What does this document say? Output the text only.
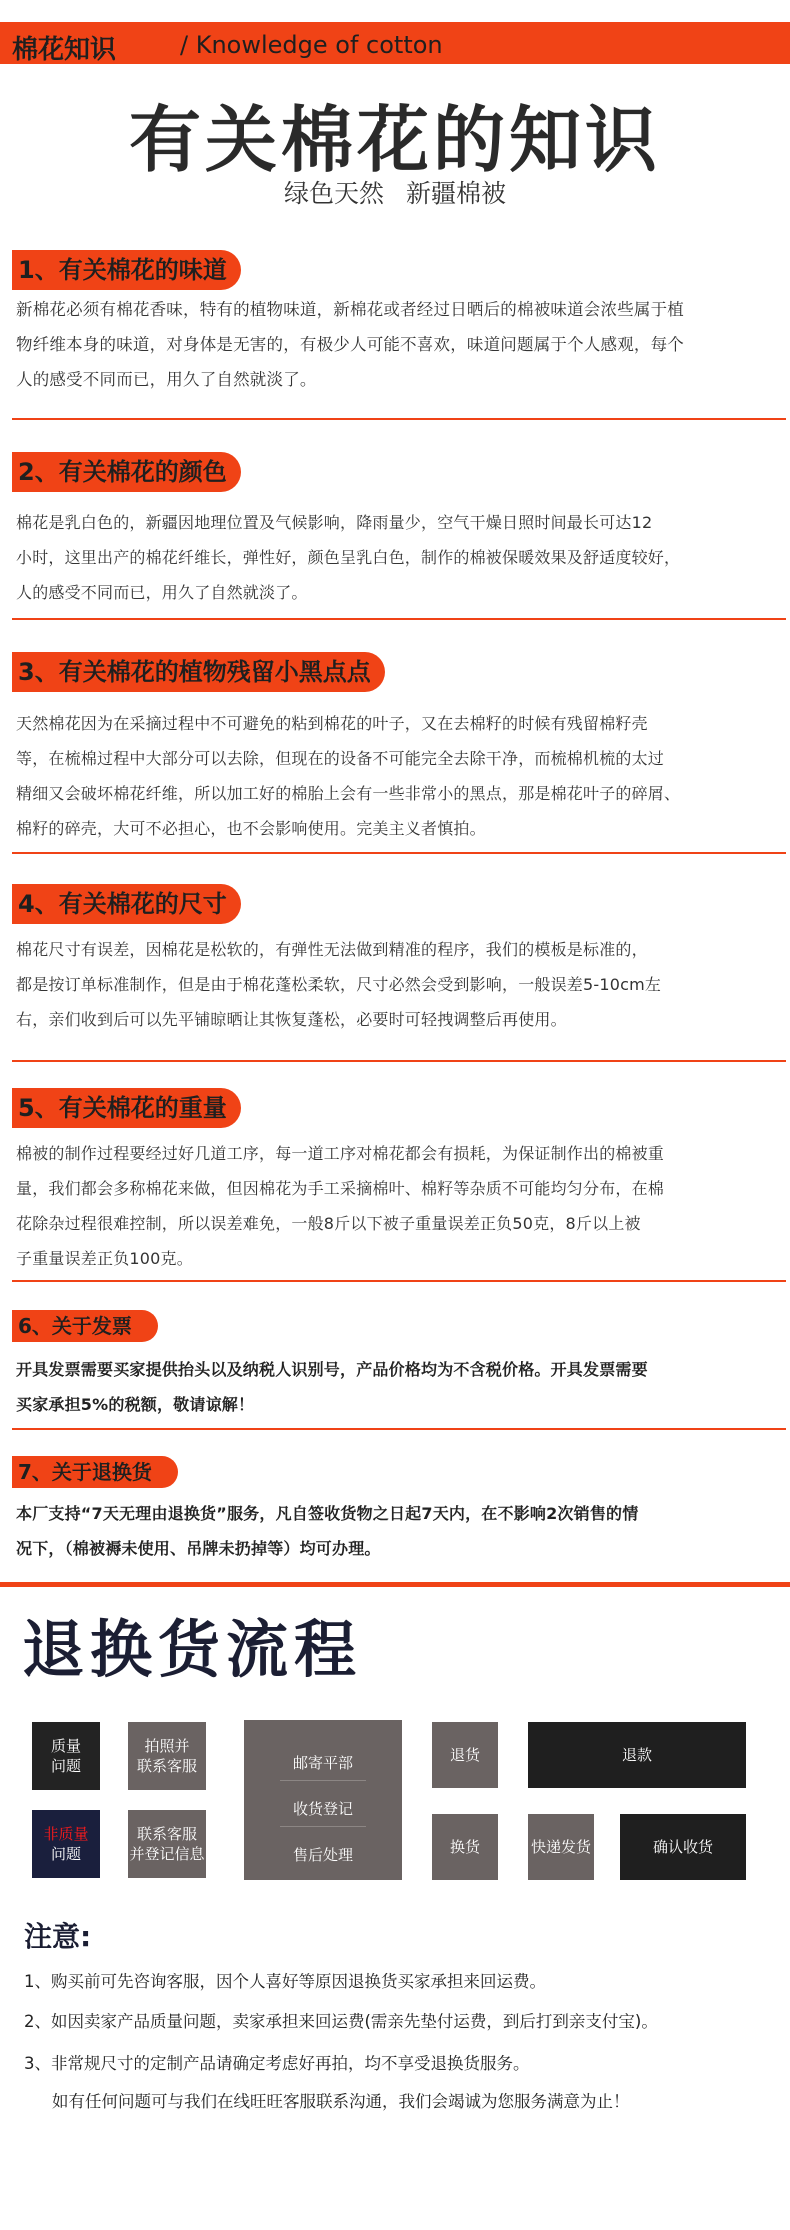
棉花知识	/ Knowledge of cotton
有关棉花的知识
绿色天然 新疆棉被
1、有关棉花的味道
新棉花必须有棉花香味，特有的植物味道，新棉花或者经过日晒后的棉被味道会浓些属于植
物纤维本身的味道，对身体是无害的，有极少人可能不喜欢，味道问题属于个人感观，每个
人的感受不同而已，用久了自然就淡了。
2、有关棉花的颜色
棉花是乳白色的，新疆因地理位置及气候影响，降雨量少，空气干燥日照时间最长可达12
小时，这里出产的棉花纤维长，弹性好，颜色呈乳白色，制作的棉被保暖效果及舒适度较好，
人的感受不同而已，用久了自然就淡了。
3、有关棉花的植物残留小黑点点
天然棉花因为在采摘过程中不可避免的粘到棉花的叶子，又在去棉籽的时候有残留棉籽壳
等，在梳棉过程中大部分可以去除，但现在的设备不可能完全去除干净，而梳棉机梳的太过
精细又会破坏棉花纤维，所以加工好的棉胎上会有一些非常小的黑点，那是棉花叶子的碎屑、
棉籽的碎壳，大可不必担心，也不会影响使用。完美主义者慎拍。
4、有关棉花的尺寸
棉花尺寸有误差，因棉花是松软的，有弹性无法做到精准的程序，我们的模板是标准的，
都是按订单标准制作，但是由于棉花蓬松柔软，尺寸必然会受到影响，一般误差5-10cm左
右，亲们收到后可以先平铺晾晒让其恢复蓬松，必要时可轻拽调整后再使用。
5、有关棉花的重量
棉被的制作过程要经过好几道工序，每一道工序对棉花都会有损耗，为保证制作出的棉被重
量，我们都会多称棉花来做，但因棉花为手工采摘棉叶、棉籽等杂质不可能均匀分布，在棉
花除杂过程很难控制，所以误差难免，一般8斤以下被子重量误差正负50克，8斤以上被
子重量误差正负100克。
6、关于发票
开具发票需要买家提供抬头以及纳税人识别号，产品价格均为不含税价格。开具发票需要
买家承担5%的税额，敬请谅解！
7、关于退换货
本厂支持“7天无理由退换货”服务，凡自签收货物之日起7天内，在不影响2次销售的情
况下，（棉被褥未使用、吊牌未扔掉等）均可办理。
退换货流程
质量
问题
拍照并
联系客服	邮寄平部
收货登记
售后处理
退货	退款
非质量
问题
联系客服
并登记信息	换货	快递发货	确认收货
注意:
1、购买前可先咨询客服，因个人喜好等原因退换货买家承担来回运费。
2、如因卖家产品质量问题，卖家承担来回运费(需亲先垫付运费，到后打到亲支付宝)。
3、非常规尺寸的定制产品请确定考虑好再拍，均不享受退换货服务。
如有任何问题可与我们在线旺旺客服联系沟通，我们会竭诚为您服务满意为止！
